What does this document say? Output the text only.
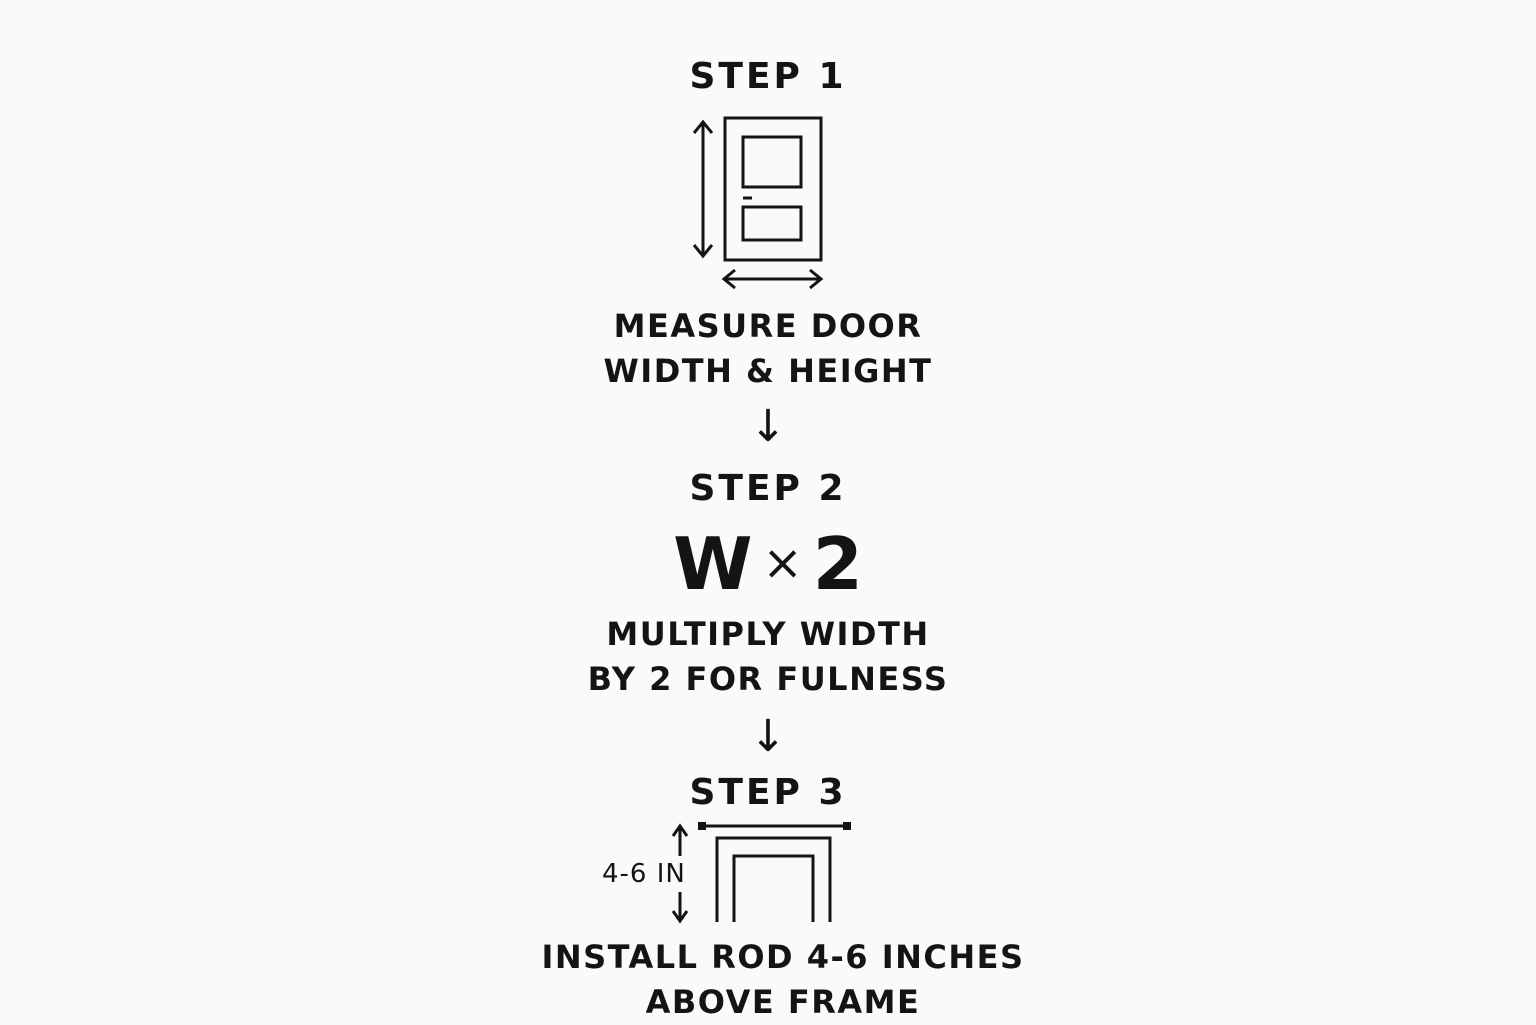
STEP 1
MEASURE DOOR
WIDTH & HEIGHT
↓
STEP 2
W × 2
MULTIPLY WIDTH
BY 2 FOR FULNESS
↓
STEP 3
4-6 IN
INSTALL ROD 4-6 INCHES
ABOVE FRAME
